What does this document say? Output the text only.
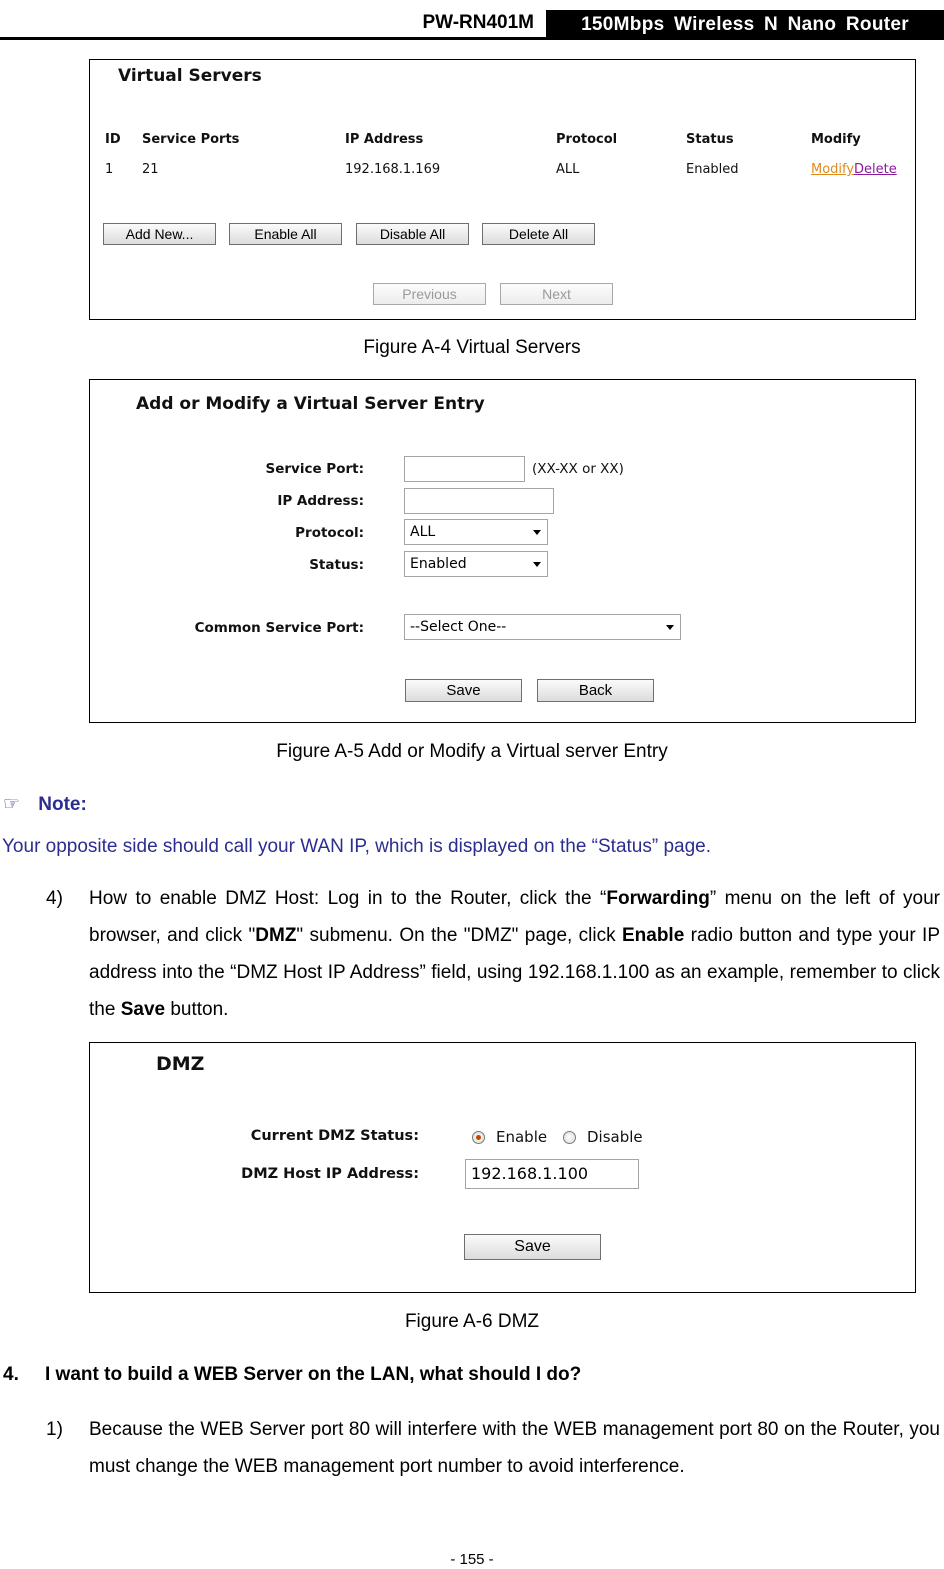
PW-RN401M	150Mbps Wireless N Nano Router
Virtual Servers
ID Service Ports	IP Address	Protocol	Status	Modify
1 21	192.168.1.169	ALL	Enabled	Modify Delete
Add New...	Enable All	Disable All	Delete All
Previous	Next
Figure A-4 Virtual Servers
Add or Modify a Virtual Server Entry
Service Port:	(XX-XX or XX)
IP Address:
Protocol:	ALL
Status:	Enabled
Common Service Port:	--Select One--
Save	Back
Figure A-5 Add or Modify a Virtual server Entry
☞ Note:
Your opposite side should call your WAN IP, which is displayed on the “Status” page.
4) How to enable DMZ Host: Log in to the Router, click the “Forwarding” menu on the left of your browser, and click "DMZ" submenu. On the "DMZ" page, click Enable radio button and type your IP address into the “DMZ Host IP Address” field, using 192.168.1.100 as an example, remember to click the Save button.
DMZ
Current DMZ Status:	Enable	Disable
DMZ Host IP Address:	192.168.1.100
Save
Figure A-6 DMZ
4. I want to build a WEB Server on the LAN, what should I do?
1) Because the WEB Server port 80 will interfere with the WEB management port 80 on the Router, you must change the WEB management port number to avoid interference.
- 155 -
